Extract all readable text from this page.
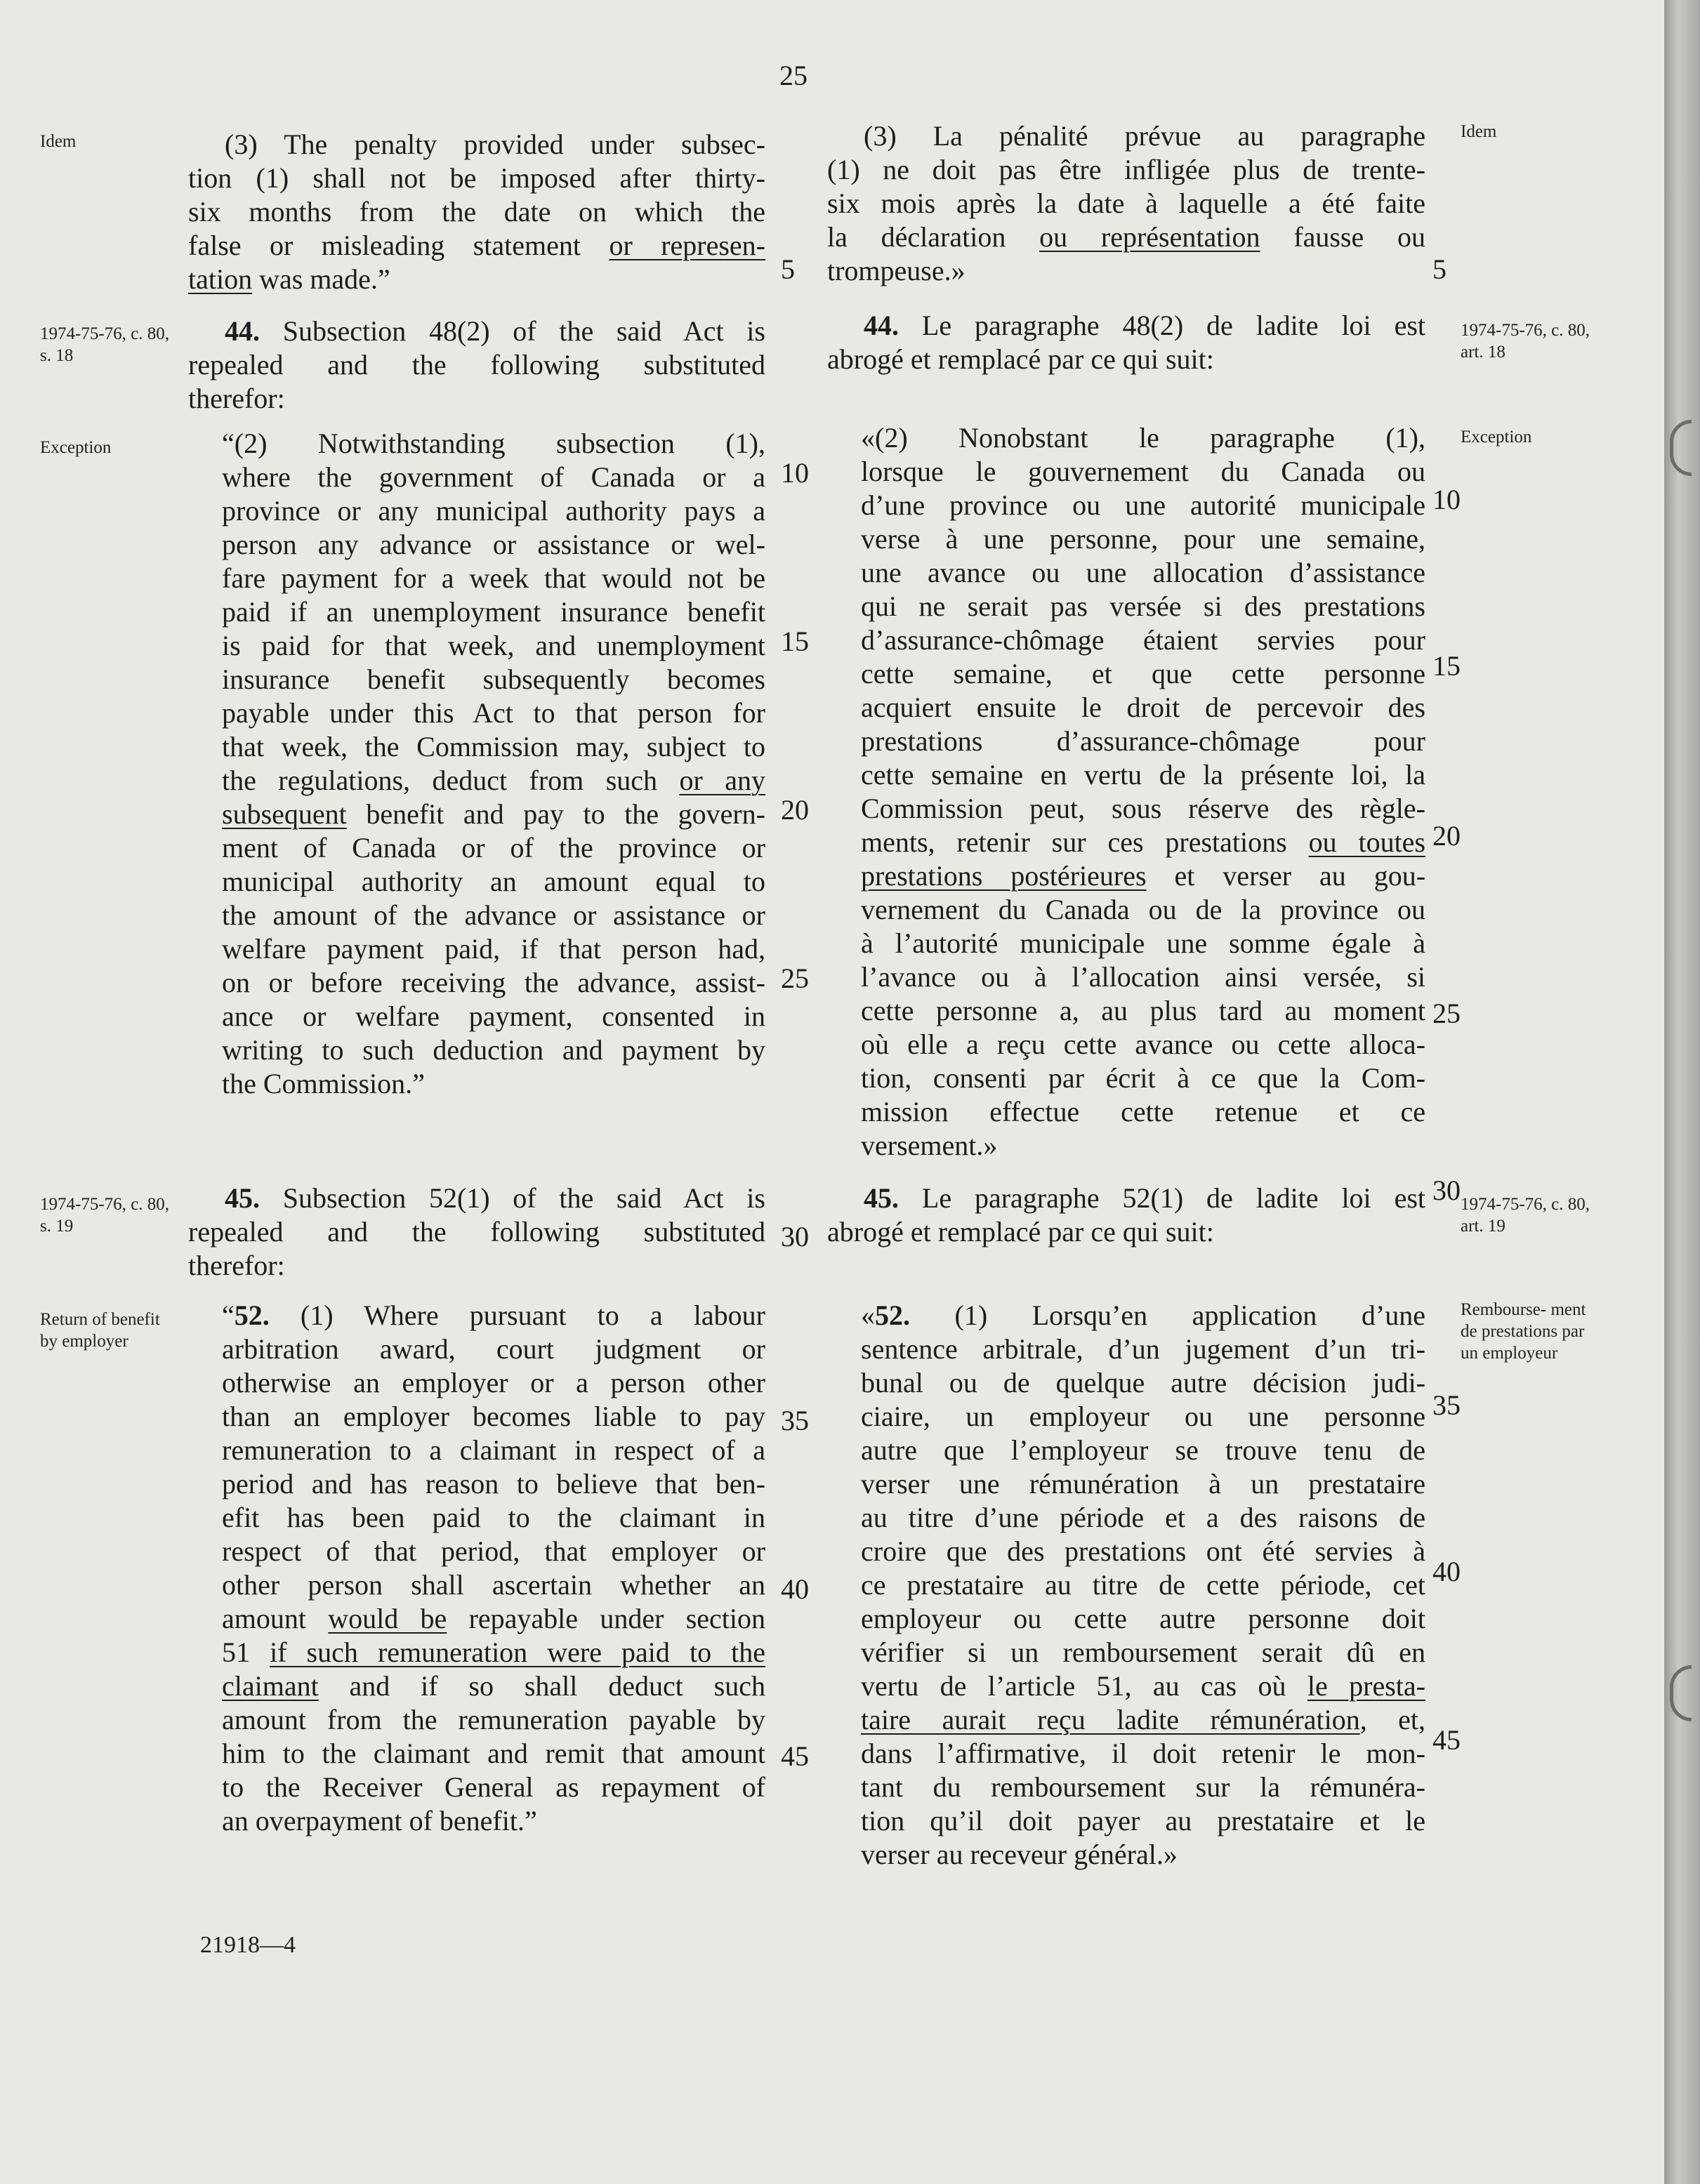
25
(3) The penalty provided under subsec-
tion (1) shall not be imposed after thirty-
six months from the date on which the
false or misleading statement or represen-
tation was made.”
44. Subsection 48(2) of the said Act is
repealed and the following substituted
therefor:
“(2) Notwithstanding subsection (1),
where the government of Canada or a
province or any municipal authority pays a
person any advance or assistance or wel-
fare payment for a week that would not be
paid if an unemployment insurance benefit
is paid for that week, and unemployment
insurance benefit subsequently becomes
payable under this Act to that person for
that week, the Commission may, subject to
the regulations, deduct from such or any
subsequent benefit and pay to the govern-
ment of Canada or of the province or
municipal authority an amount equal to
the amount of the advance or assistance or
welfare payment paid, if that person had,
on or before receiving the advance, assist-
ance or welfare payment, consented in
writing to such deduction and payment by
the Commission.”
45. Subsection 52(1) of the said Act is
repealed and the following substituted
therefor:
“52. (1) Where pursuant to a labour
arbitration award, court judgment or
otherwise an employer or a person other
than an employer becomes liable to pay
remuneration to a claimant in respect of a
period and has reason to believe that ben-
efit has been paid to the claimant in
respect of that period, that employer or
other person shall ascertain whether an
amount would be repayable under section
51 if such remuneration were paid to the
claimant and if so shall deduct such
amount from the remuneration payable by
him to the claimant and remit that amount
to the Receiver General as repayment of
an overpayment of benefit.”
Idem
1974-75-76, c. 80, s. 18
Exception
1974-75-76, c. 80, s. 19
Return of benefit by employer
5
10
15
20
25
30
35
40
45
(3) La pénalité prévue au paragraphe
(1) ne doit pas être infligée plus de trente-
six mois après la date à laquelle a été faite
la déclaration ou représentation fausse ou
trompeuse.»
44. Le paragraphe 48(2) de ladite loi est
abrogé et remplacé par ce qui suit:
«(2) Nonobstant le paragraphe (1),
lorsque le gouvernement du Canada ou
d’une province ou une autorité municipale
verse à une personne, pour une semaine,
une avance ou une allocation d’assistance
qui ne serait pas versée si des prestations
d’assurance-chômage étaient servies pour
cette semaine, et que cette personne
acquiert ensuite le droit de percevoir des
prestations d’assurance-chômage pour
cette semaine en vertu de la présente loi, la
Commission peut, sous réserve des règle-
ments, retenir sur ces prestations ou toutes
prestations postérieures et verser au gou-
vernement du Canada ou de la province ou
à l’autorité municipale une somme égale à
l’avance ou à l’allocation ainsi versée, si
cette personne a, au plus tard au moment
où elle a reçu cette avance ou cette alloca-
tion, consenti par écrit à ce que la Com-
mission effectue cette retenue et ce
versement.»
45. Le paragraphe 52(1) de ladite loi est
abrogé et remplacé par ce qui suit:
«52. (1) Lorsqu’en application d’une
sentence arbitrale, d’un jugement d’un tri-
bunal ou de quelque autre décision judi-
ciaire, un employeur ou une personne
autre que l’employeur se trouve tenu de
verser une rémunération à un prestataire
au titre d’une période et a des raisons de
croire que des prestations ont été servies à
ce prestataire au titre de cette période, cet
employeur ou cette autre personne doit
vérifier si un remboursement serait dû en
vertu de l’article 51, au cas où le presta-
taire aurait reçu ladite rémunération, et,
dans l’affirmative, il doit retenir le mon-
tant du remboursement sur la rémunéra-
tion qu’il doit payer au prestataire et le
verser au receveur général.»
Idem
1974-75-76, c. 80, art. 18
Exception
1974-75-76, c. 80, art. 19
Rembourse- ment de prestations par un employeur
5
10
15
20
25
30
35
40
45
21918—4
